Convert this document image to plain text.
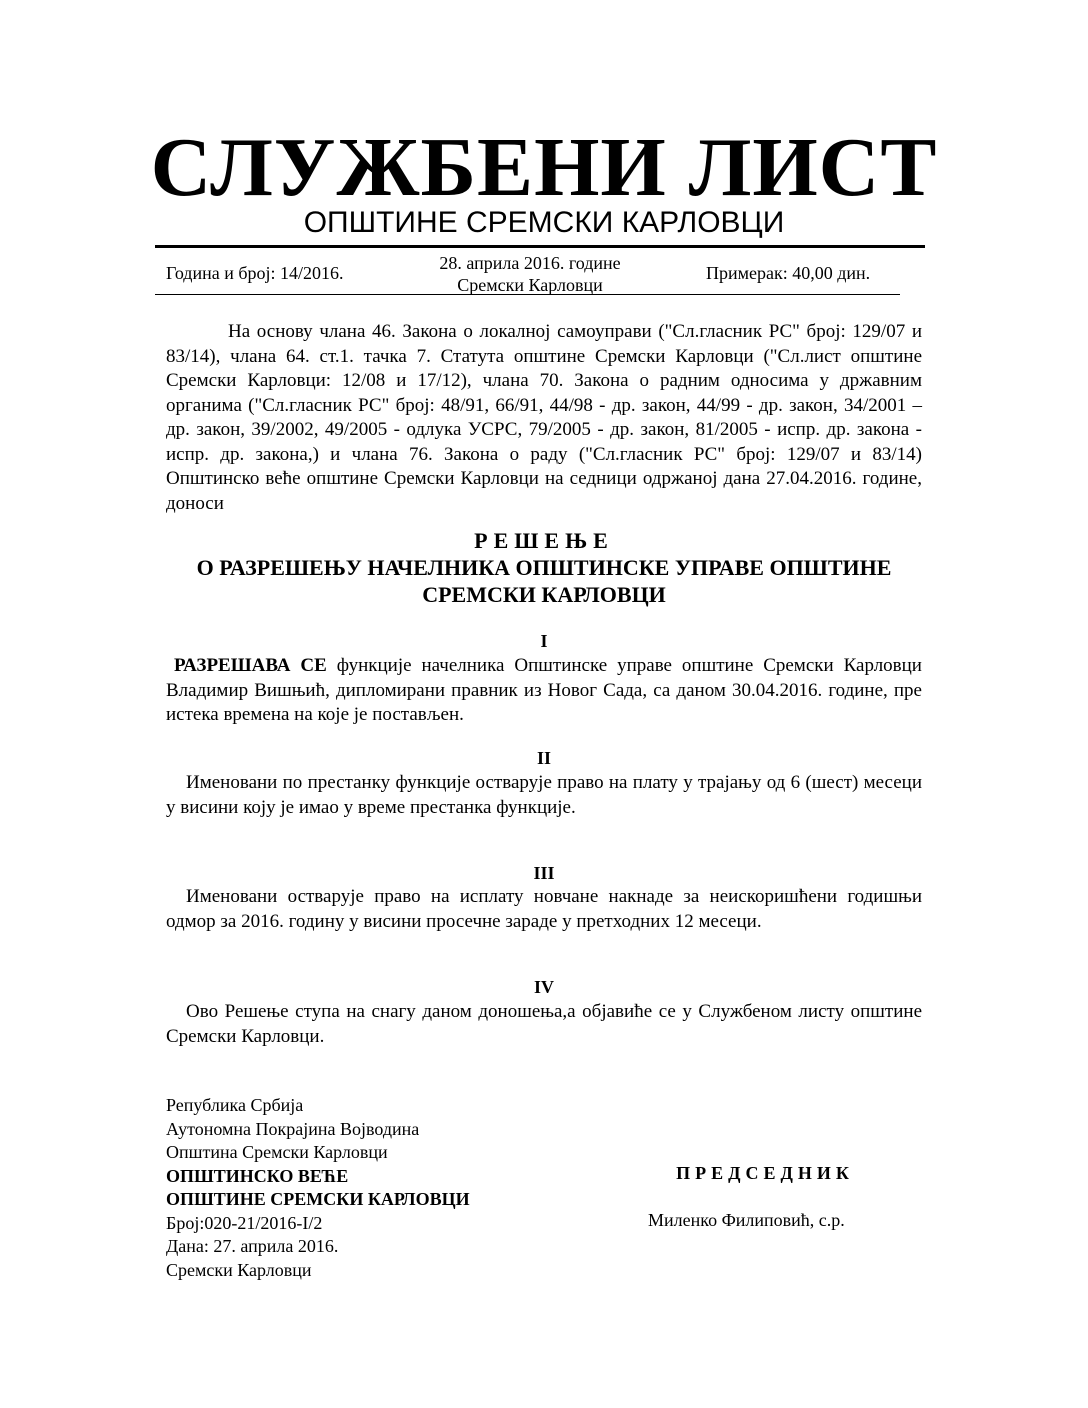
СЛУЖБЕНИ ЛИСТ
ОПШТИНЕ СРЕМСКИ КАРЛОВЦИ
Година и број: 14/2016.	28. априла 2016. године
Сремски Карловци
Примерак: 40,00 дин.
На основу члана 46. Закона о локалној самоуправи ("Сл.гласник РС" број: 129/07 и 83/14), члана 64. ст.1. тачка 7. Статута општине Сремски Карловци ("Сл.лист општине Сремски Карловци: 12/08 и 17/12), члана 70. Закона о радним односима у државним органима ("Сл.гласник РС" број: 48/91, 66/91, 44/98 - др. закон, 44/99 - др. закон, 34/2001 – др. закон, 39/2002, 49/2005 - одлука УСРС, 79/2005 - др. закон, 81/2005 - испр. др. закона - испр. др. закона,) и члана 76. Закона о раду ("Сл.гласник РС" број: 129/07 и 83/14) Општинско веће општине Сремски Карловци на седници одржаној дана 27.04.2016. године, доноси
РЕШЕЊЕ
О РАЗРЕШЕЊУ НАЧЕЛНИКА ОПШТИНСКЕ УПРАВЕ ОПШТИНЕ
СРЕМСКИ КАРЛОВЦИ
I
РАЗРЕШАВА СЕ функције начелника Општинске управе општине Сремски Карловци Владимир Вишњић, дипломирани правник из Новог Сада, са даном 30.04.2016. године, пре истека времена на које је постављен.
II
Именовани по престанку функције остварује право на плату у трајању од 6 (шест) месеци у висини коју је имао у време престанка функције.
III
Именовани остварује право на исплату новчане накнаде за неискоришћени годишњи одмор за 2016. годину у висини просечне зараде у претходних 12 месеци.
IV
Ово Решење ступа на снагу даном доношења,а објавиће се у Службеном листу општине Сремски Карловци.
Република Србија
Аутономна Покрајина Војводина
Општина Сремски Карловци
ОПШТИНСКО ВЕЋЕ
ОПШТИНЕ СРЕМСКИ КАРЛОВЦИ
Број:020-21/2016-I/2
Дана: 27. априла 2016.
Сремски Карловци
ПРЕДСЕДНИК
Миленко Филиповић, с.р.
